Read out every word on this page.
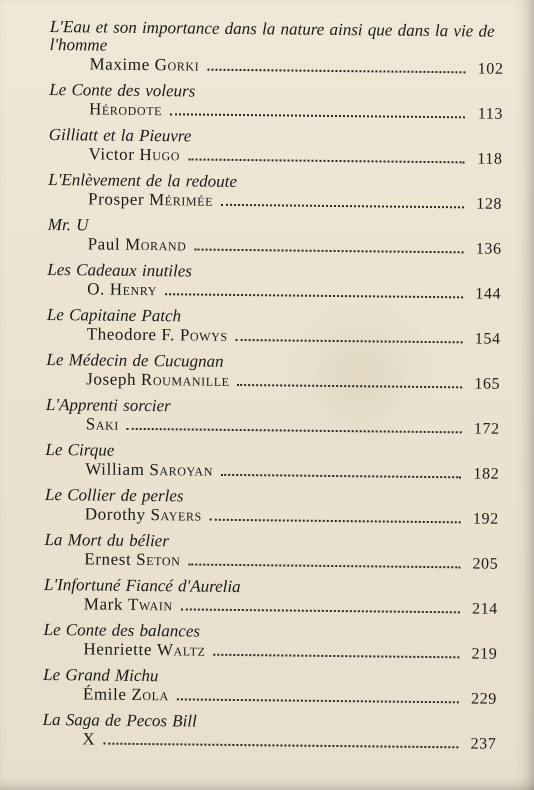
L'Eau et son importance dans la nature ainsi que dans la vie de l'homme
Maxime Gorki	102
Le Conte des voleurs
Hérodote	113
Gilliatt et la Pieuvre
Victor Hugo	118
L'Enlèvement de la redoute
Prosper Mérimée	128
Mr. U
Paul Morand	136
Les Cadeaux inutiles
O. Henry	144
Le Capitaine Patch
Theodore F. Powys	154
Le Médecin de Cucugnan
Joseph Roumanille	165
L'Apprenti sorcier
Saki	172
Le Cirque
William Saroyan	182
Le Collier de perles
Dorothy Sayers	192
La Mort du bélier
Ernest Seton	205
L'Infortuné Fiancé d'Aurelia
Mark Twain	214
Le Conte des balances
Henriette Waltz	219
Le Grand Michu
Émile Zola	229
La Saga de Pecos Bill
X	237
